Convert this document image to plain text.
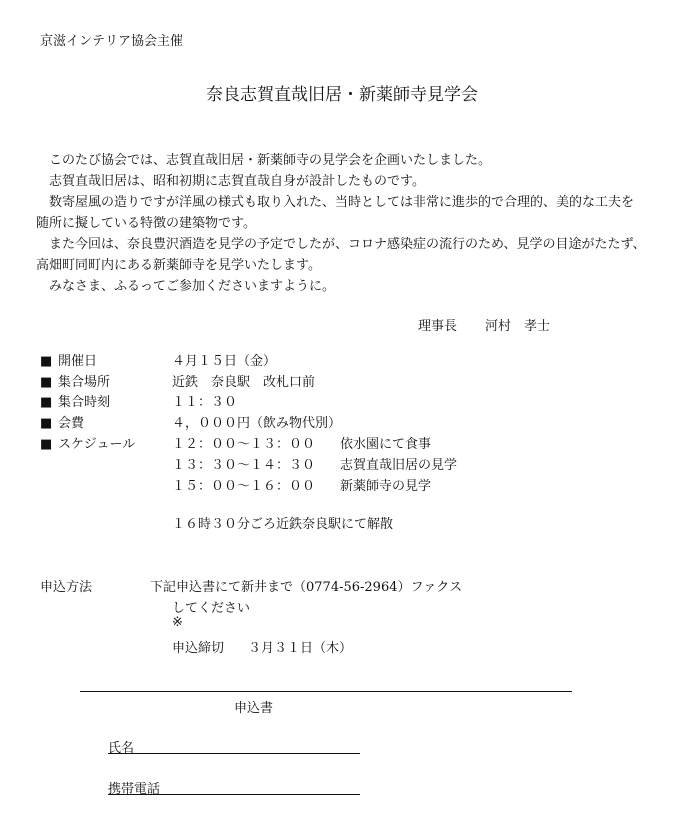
京滋インテリア協会主催
奈良志賀直哉旧居・新薬師寺見学会

このたび協会では、志賀直哉旧居・新薬師寺の見学会を企画いたしました。

志賀直哉旧居は、昭和初期に志賀直哉自身が設計したものです。

数寄屋風の造りですが洋風の様式も取り入れた、当時としては非常に進歩的で合理的、美的な工夫を随所に擬している特徴の建築物です。

また今回は、奈良豊沢酒造を見学の予定でしたが、コロナ感染症の流行のため、見学の目途がたたず、高畑町同町内にある新薬師寺を見学いたします。

みなさま、ふるってご参加くださいますように。

理事長 河村　孝士
■ 開催日	４月１５日（金）
■ 集合場所	近鉄　奈良駅　改札口前
■ 集合時刻	１１：３０
■ 会費	４，０００円（飲み物代別）
■ スケジュール	１２：００〜１３：００ 依水園にて食事
１３：３０〜１４：３０ 志賀直哉旧居の見学
１５：００〜１６：００ 新薬師寺の見学
１６時３０分ごろ近鉄奈良駅にて解散
申込方法	下記申込書にて新井まで（0774-56-2964）ファクス
してください
※
申込締切 ３月３１日（木）
申込書
氏名
携帯電話
